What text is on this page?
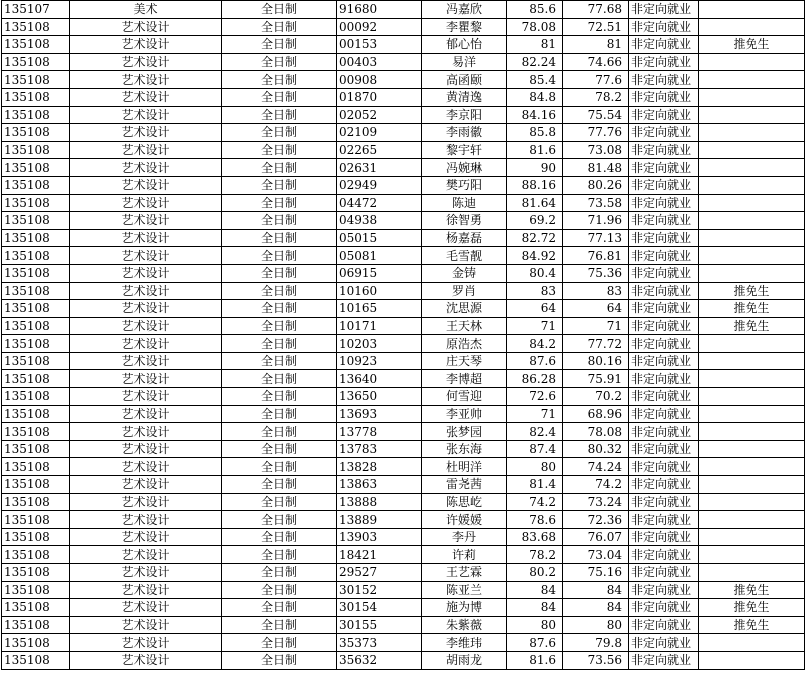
135107	美术	全日制	91680	冯嘉欣	85.6	77.68	非定向就业	
135108	艺术设计	全日制	00092	李瞿黎	78.08	72.51	非定向就业	
135108	艺术设计	全日制	00153	郁心怡	81	81	非定向就业	推免生
135108	艺术设计	全日制	00403	易洋	82.24	74.66	非定向就业	
135108	艺术设计	全日制	00908	高函颐	85.4	77.6	非定向就业	
135108	艺术设计	全日制	01870	黄清逸	84.8	78.2	非定向就业	
135108	艺术设计	全日制	02052	李京阳	84.16	75.54	非定向就业	
135108	艺术设计	全日制	02109	李雨徽	85.8	77.76	非定向就业	
135108	艺术设计	全日制	02265	黎宇轩	81.6	73.08	非定向就业	
135108	艺术设计	全日制	02631	冯婉琳	90	81.48	非定向就业	
135108	艺术设计	全日制	02949	樊巧阳	88.16	80.26	非定向就业	
135108	艺术设计	全日制	04472	陈迪	81.64	73.58	非定向就业	
135108	艺术设计	全日制	04938	徐智勇	69.2	71.96	非定向就业	
135108	艺术设计	全日制	05015	杨嘉磊	82.72	77.13	非定向就业	
135108	艺术设计	全日制	05081	毛雪靓	84.92	76.81	非定向就业	
135108	艺术设计	全日制	06915	金铸	80.4	75.36	非定向就业	
135108	艺术设计	全日制	10160	罗肖	83	83	非定向就业	推免生
135108	艺术设计	全日制	10165	沈思源	64	64	非定向就业	推免生
135108	艺术设计	全日制	10171	王天林	71	71	非定向就业	推免生
135108	艺术设计	全日制	10203	原浩杰	84.2	77.72	非定向就业	
135108	艺术设计	全日制	10923	庄天琴	87.6	80.16	非定向就业	
135108	艺术设计	全日制	13640	李博超	86.28	75.91	非定向就业	
135108	艺术设计	全日制	13650	何雪迎	72.6	70.2	非定向就业	
135108	艺术设计	全日制	13693	李亚帅	71	68.96	非定向就业	
135108	艺术设计	全日制	13778	张梦园	82.4	78.08	非定向就业	
135108	艺术设计	全日制	13783	张东海	87.4	80.32	非定向就业	
135108	艺术设计	全日制	13828	杜明洋	80	74.24	非定向就业	
135108	艺术设计	全日制	13863	雷尧茜	81.4	74.2	非定向就业	
135108	艺术设计	全日制	13888	陈思屹	74.2	73.24	非定向就业	
135108	艺术设计	全日制	13889	许媛媛	78.6	72.36	非定向就业	
135108	艺术设计	全日制	13903	李丹	83.68	76.07	非定向就业	
135108	艺术设计	全日制	18421	许莉	78.2	73.04	非定向就业	
135108	艺术设计	全日制	29527	王艺霖	80.2	75.16	非定向就业	
135108	艺术设计	全日制	30152	陈亚兰	84	84	非定向就业	推免生
135108	艺术设计	全日制	30154	施为博	84	84	非定向就业	推免生
135108	艺术设计	全日制	30155	朱紫薇	80	80	非定向就业	推免生
135108	艺术设计	全日制	35373	李维玮	87.6	79.8	非定向就业	
135108	艺术设计	全日制	35632	胡雨龙	81.6	73.56	非定向就业	
